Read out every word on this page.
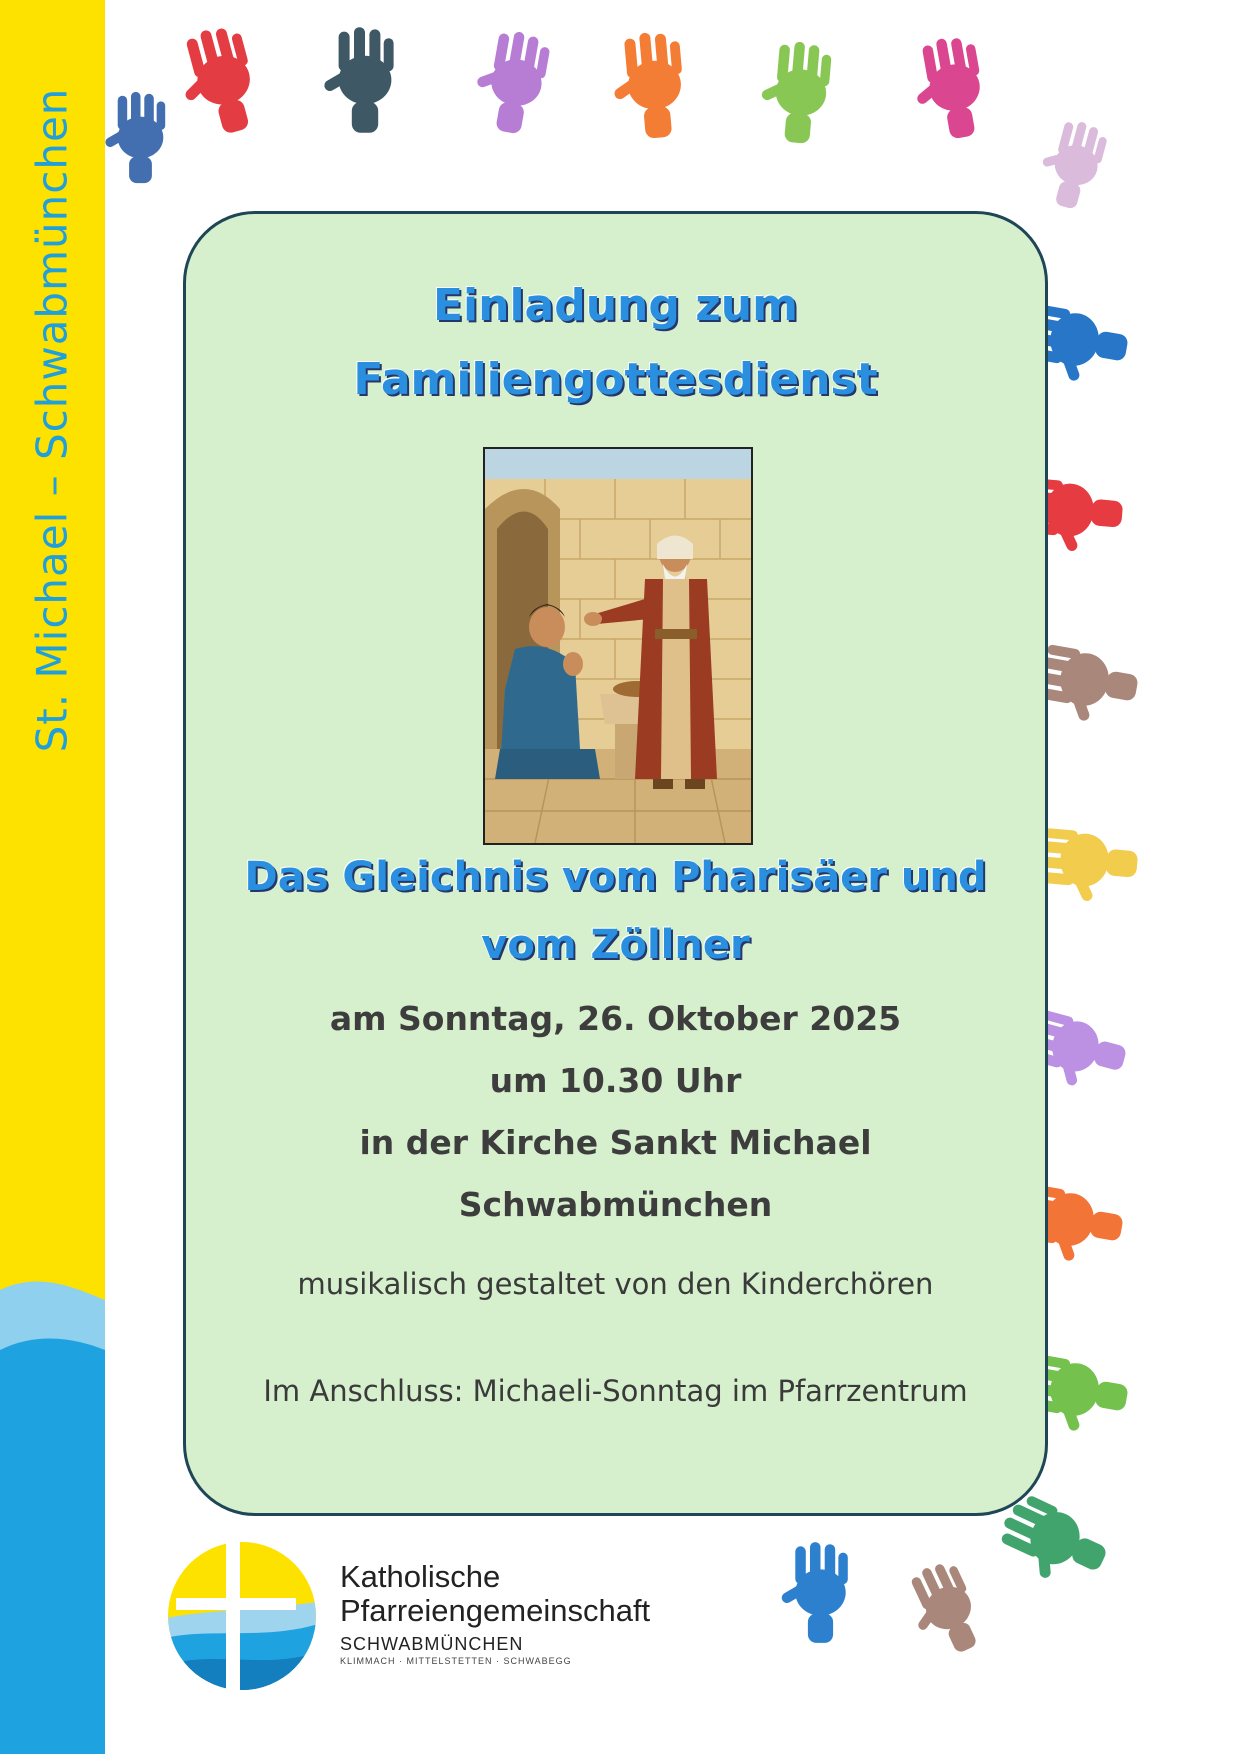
St. Michael – Schwabmünchen	Einladung zum
Familiengottesdienst
Das Gleichnis vom Pharisäer und
vom Zöllner
am Sonntag, 26. Oktober 2025
um 10.30 Uhr
in der Kirche Sankt Michael
Schwabmünchen
musikalisch gestaltet von den Kinderchören
Im Anschluss: Michaeli-Sonntag im Pfarrzentrum
Katholische
Pfarreiengemeinschaft
SCHWABMÜNCHEN
KLIMMACH · MITTELSTETTEN · SCHWABEGG
